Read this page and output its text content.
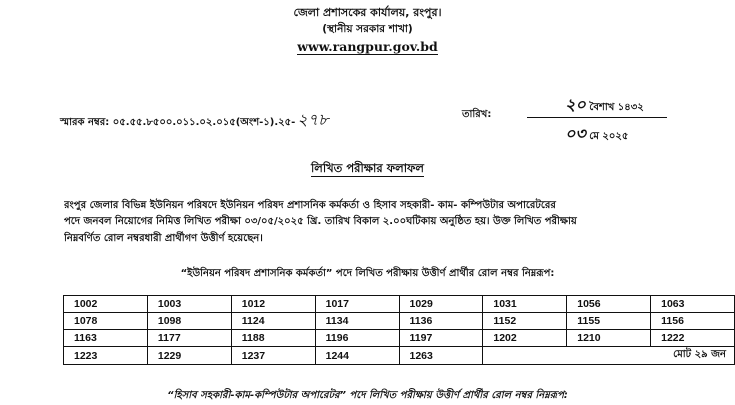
জেলা প্রশাসকের কার্যালয়, রংপুর।
(স্থানীয় সরকার শাখা)
www.rangpur.gov.bd
স্মারক নম্বর: ০৫.৫৫.৮৫০০.০১১.০২.০১৫(অংশ-১).২৫- ২৭৮	তারিখ:
২০ বৈশাখ ১৪৩২
০৩ মে ২০২৫
লিখিত পরীক্ষার ফলাফল
রংপুর জেলার বিভিন্ন ইউনিয়ন পরিষদে ইউনিয়ন পরিষদ প্রশাসনিক কর্মকর্তা ও হিসাব সহকারী- কাম- কম্পিউটার অপারেটরের
পদে জনবল নিয়োগের নিমিত্ত লিখিত পরীক্ষা ০৩/০৫/২০২৫ খ্রি. তারিখ বিকাল ২.০০ঘটিকায় অনুষ্ঠিত হয়। উক্ত লিখিত পরীক্ষায়
নিম্নবর্ণিত রোল নম্বরধারী প্রার্থীগণ উত্তীর্ণ হয়েছেন।
“ইউনিয়ন পরিষদ প্রশাসনিক কর্মকর্তা” পদে লিখিত পরীক্ষায় উত্তীর্ণ প্রার্থীর রোল নম্বর নিম্নরূপ:
1002	1003	1012	1017	1029	1031	1056	1063
1078	1098	1124	1134	1136	1152	1155	1156
1163	1177	1188	1196	1197	1202	1210	1222
1223	1229	1237	1244	1263	মোট ২৯ জন		
“হিসাব সহকারী-কাম-কম্পিউটার অপারেটর” পদে লিখিত পরীক্ষায় উত্তীর্ণ প্রার্থীর রোল নম্বর নিম্নরূপ:
